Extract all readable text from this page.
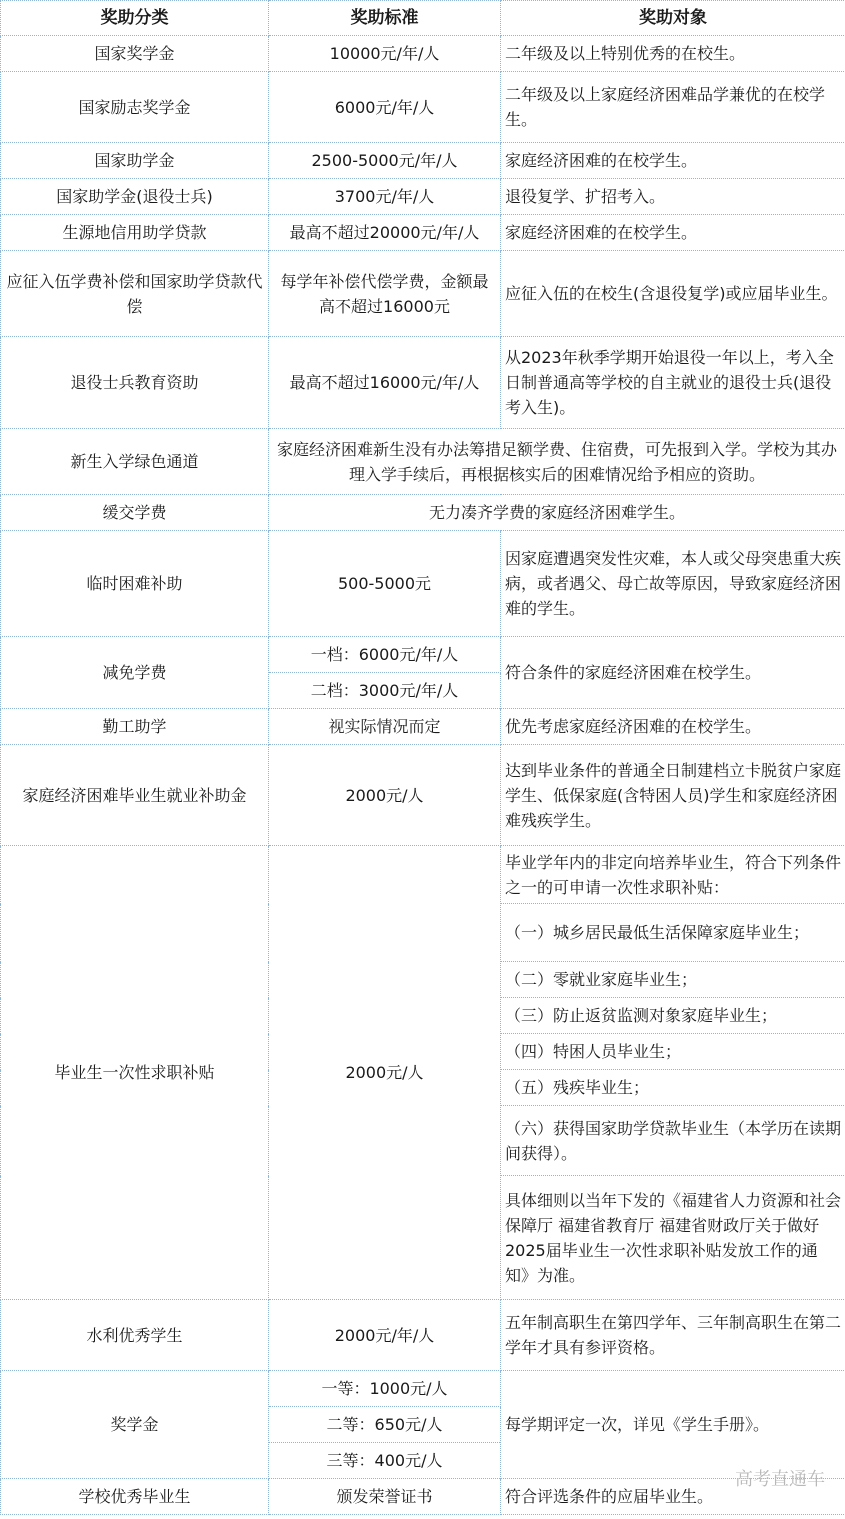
奖助分类	奖助标准	奖助对象
国家奖学金	10000元/年/人	二年级及以上特别优秀的在校生。
国家励志奖学金	6000元/年/人	二年级及以上家庭经济困难品学兼优的在校学生。
国家助学金	2500-5000元/年/人	家庭经济困难的在校学生。
国家助学金(退役士兵)	3700元/年/人	退役复学、扩招考入。
生源地信用助学贷款	最高不超过20000元/年/人	家庭经济困难的在校学生。
应征入伍学费补偿和国家助学贷款代偿	每学年补偿代偿学费，金额最高不超过16000元	应征入伍的在校生(含退役复学)或应届毕业生。
退役士兵教育资助	最高不超过16000元/年/人	从2023年秋季学期开始退役一年以上，考入全日制普通高等学校的自主就业的退役士兵(退役考入生)。
新生入学绿色通道	家庭经济困难新生没有办法筹措足额学费、住宿费，可先报到入学。学校为其办理入学手续后，再根据核实后的困难情况给予相应的资助。	
缓交学费	无力凑齐学费的家庭经济困难学生。	
临时困难补助	500-5000元	因家庭遭遇突发性灾难，本人或父母突患重大疾病，或者遇父、母亡故等原因，导致家庭经济困难的学生。
减免学费	一档：6000元/年/人	符合条件的家庭经济困难在校学生。
	二档：3000元/年/人	
勤工助学	视实际情况而定	优先考虑家庭经济困难的在校学生。
家庭经济困难毕业生就业补助金	2000元/人	达到毕业条件的普通全日制建档立卡脱贫户家庭学生、低保家庭(含特困人员)学生和家庭经济困难残疾学生。
毕业生一次性求职补贴	2000元/人	毕业学年内的非定向培养毕业生，符合下列条件之一的可申请一次性求职补贴：
		（一）城乡居民最低生活保障家庭毕业生；
		（二）零就业家庭毕业生；
		（三）防止返贫监测对象家庭毕业生；
		（四）特困人员毕业生；
		（五）残疾毕业生；
		（六）获得国家助学贷款毕业生（本学历在读期间获得）。
		具体细则以当年下发的《福建省人力资源和社会保障厅 福建省教育厅 福建省财政厅关于做好2025届毕业生一次性求职补贴发放工作的通知》为准。
水利优秀学生	2000元/年/人	五年制高职生在第四学年、三年制高职生在第二学年才具有参评资格。
奖学金	一等：1000元/人	每学期评定一次，详见《学生手册》。
	二等：650元/人	
	三等：400元/人	
学校优秀毕业生	颁发荣誉证书	符合评选条件的应届毕业生。
高考直通车
